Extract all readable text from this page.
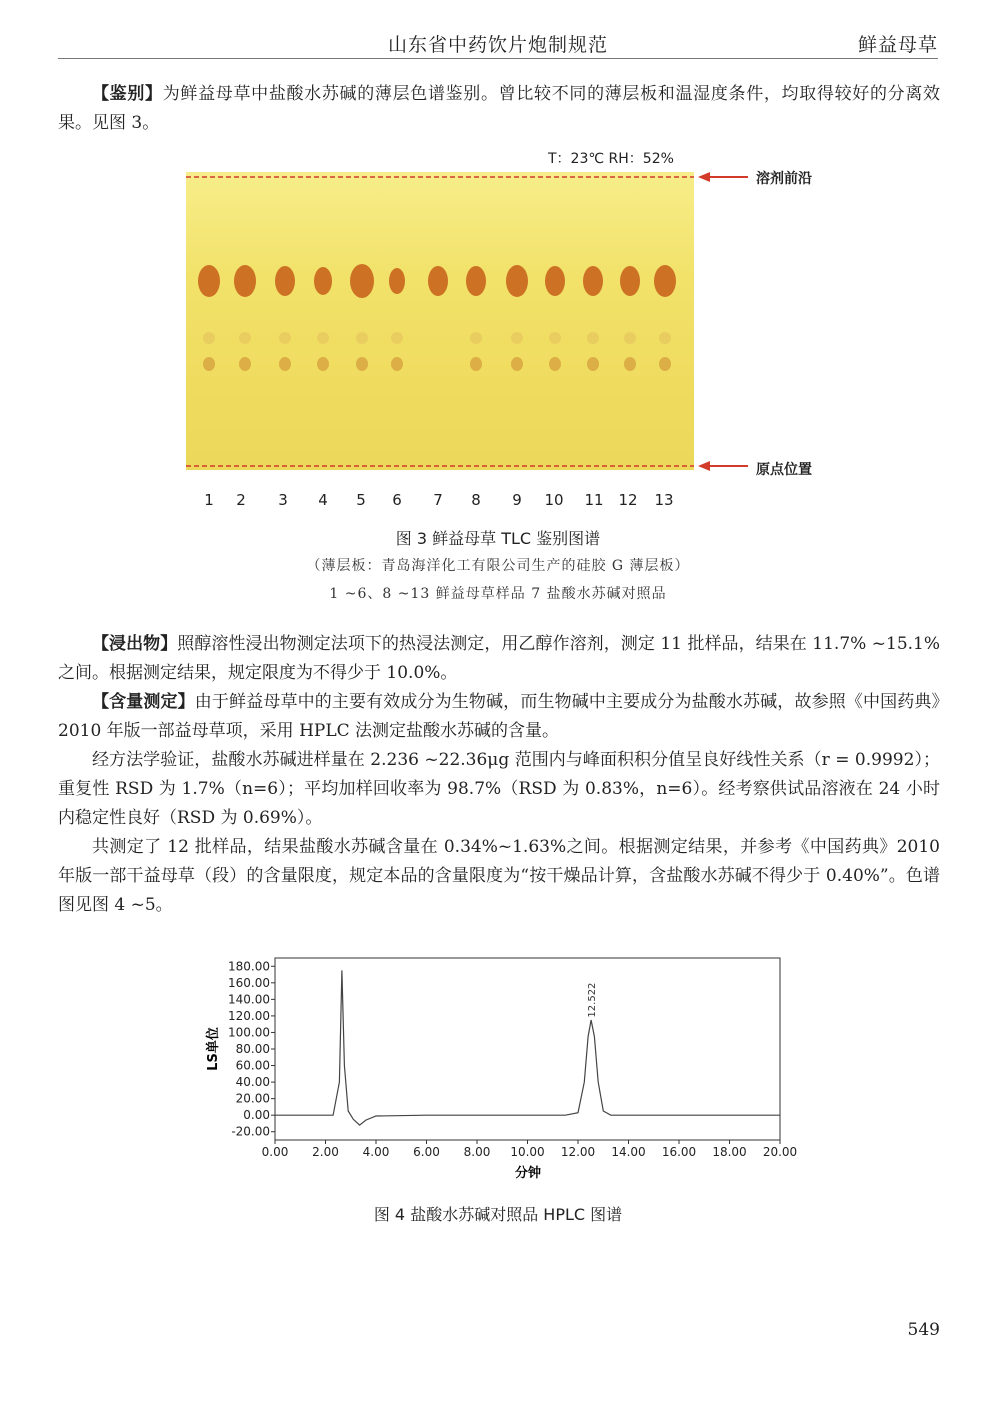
山东省中药饮片炮制规范	鲜益母草

【鉴别】为鲜益母草中盐酸水苏碱的薄层色谱鉴别。曾比较不同的薄层板和温湿度条件，均取得较好的分离效果。见图 3。

T：23℃ RH：52%
溶剂前沿
原点位置
1 2 3 4 5 6 7 8 9 10 11 12 13
图 3 鲜益母草 TLC 鉴别图谱
（薄层板：青岛海洋化工有限公司生产的硅胶 G 薄层板）
1 ~6、8 ~13 鲜益母草样品 7 盐酸水苏碱对照品

【浸出物】照醇溶性浸出物测定法项下的热浸法测定，用乙醇作溶剂，测定 11 批样品，结果在 11.7% ~15.1%之间。根据测定结果，规定限度为不得少于 10.0%。

【含量测定】由于鲜益母草中的主要有效成分为生物碱，而生物碱中主要成分为盐酸水苏碱，故参照《中国药典》2010 年版一部益母草项，采用 HPLC 法测定盐酸水苏碱的含量。

经方法学验证，盐酸水苏碱进样量在 2.236 ~22.36μg 范围内与峰面积积分值呈良好线性关系（r = 0.9992）；重复性 RSD 为 1.7%（n=6）；平均加样回收率为 98.7%（RSD 为 0.83%，n=6）。经考察供试品溶液在 24 小时内稳定性良好（RSD 为 0.69%）。

共测定了 12 批样品，结果盐酸水苏碱含量在 0.34%~1.63%之间。根据测定结果，并参考《中国药典》2010 年版一部干益母草（段）的含量限度，规定本品的含量限度为“按干燥品计算，含盐酸水苏碱不得少于 0.40%”。色谱图见图 4 ~5。

180.00
160.00
140.00
120.00
100.00
80.00
60.00
40.00
20.00
0.00
-20.00
0.00 2.00 4.00 6.00 8.00 10.00 12.00 14.00 16.00 18.00 20.00
12.522
分钟
LS单位
图 4 盐酸水苏碱对照品 HPLC 图谱
549
